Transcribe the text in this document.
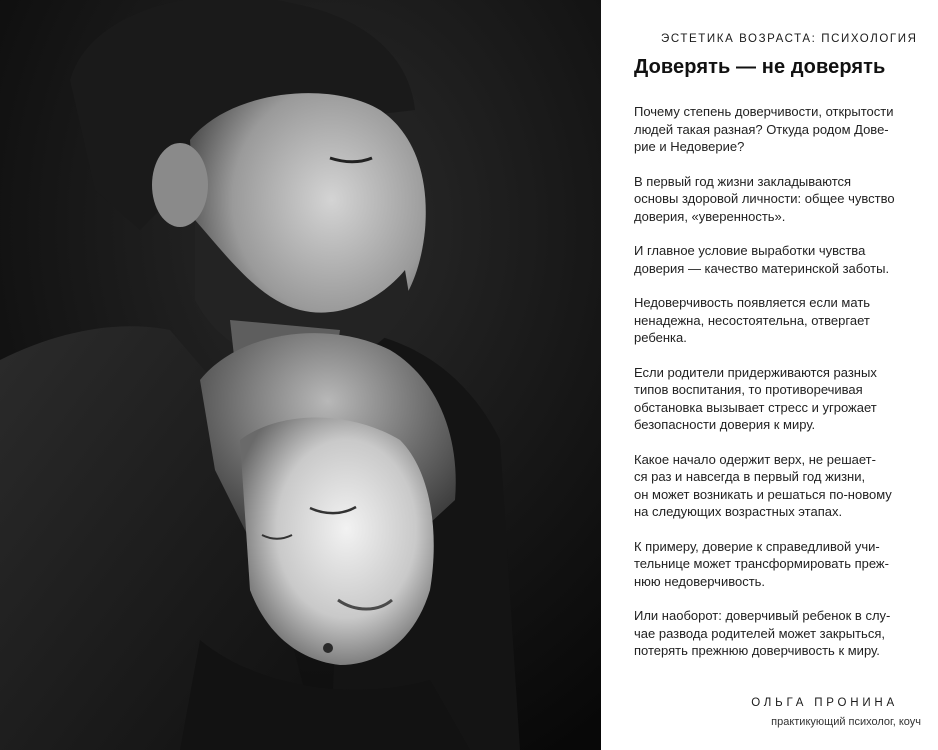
ЭСТЕТИКА ВОЗРАСТА: ПСИХОЛОГИЯ
Доверять — не доверять

Почему степень доверчивости, открытости
людей такая разная? Откуда родом Дове-
рие и Недоверие?

В первый год жизни закладываются
основы здоровой личности: общее чувство
доверия, «уверенность».

И главное условие выработки чувства
доверия — качество материнской заботы.

Недоверчивость появляется если мать
ненадежна, несостоятельна, отвергает
ребенка.

Если родители придерживаются разных
типов воспитания, то противоречивая
обстановка вызывает стресс и угрожает
безопасности доверия к миру.

Какое начало одержит верх, не решает-
ся раз и навсегда в первый год жизни,
он может возникать и решаться по-новому
на следующих возрастных этапах.

К примеру, доверие к справедливой учи-
тельнице может трансформировать преж-
нюю недоверчивость.

Или наоборот: доверчивый ребенок в слу-
чае развода родителей может закрыться,
потерять прежнюю доверчивость к миру.

ОЛЬГА ПРОНИНА
практикующий психолог, коуч
